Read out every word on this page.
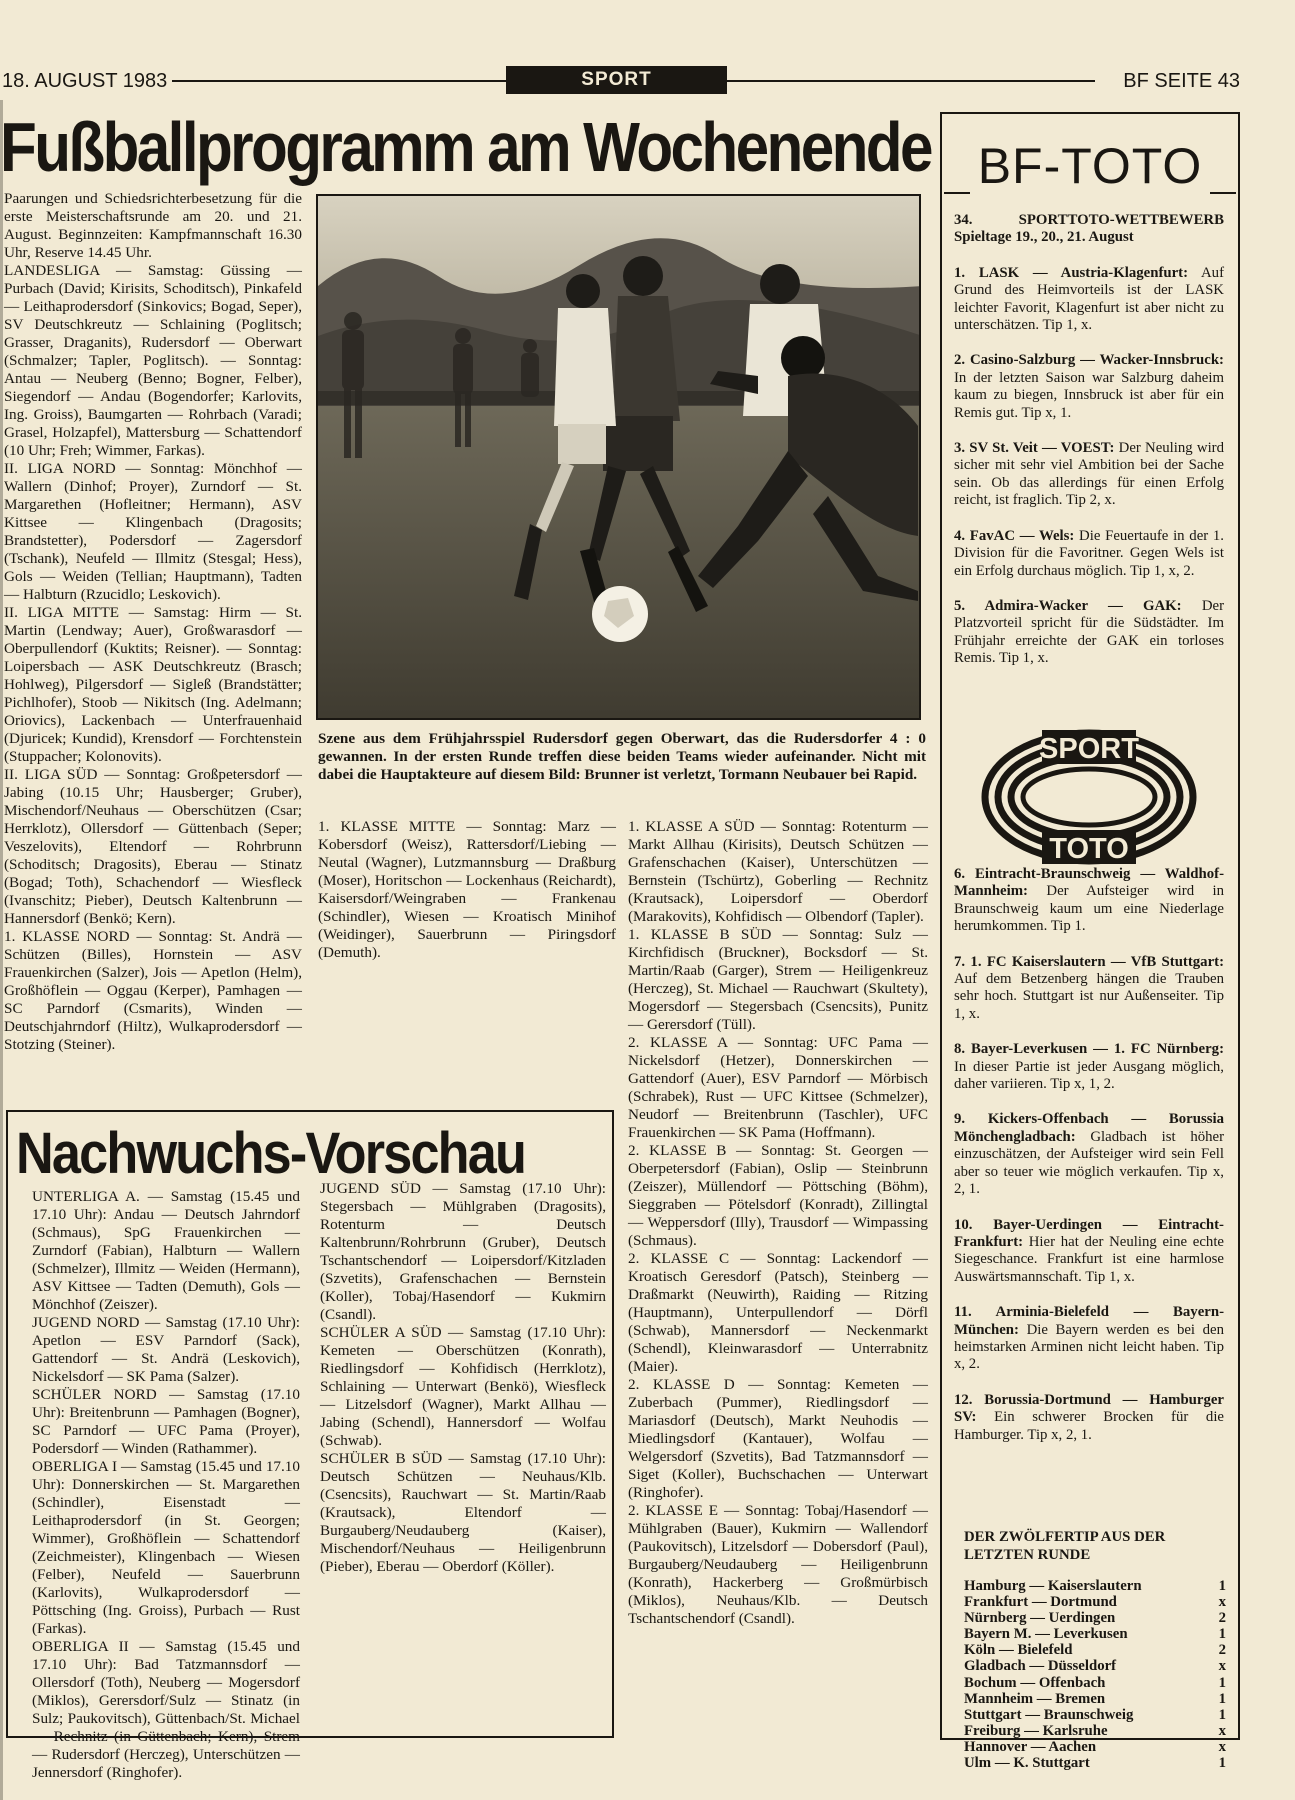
18. AUGUST 1983	SPORT	BF SEITE 43
Fußballprogramm am Wochenende

Paarungen und Schiedsrichterbesetzung für die erste Meisterschaftsrunde am 20. und 21. August. Beginnzeiten: Kampfmannschaft 16.30 Uhr, Reserve 14.45 Uhr.

LANDESLIGA — Samstag: Güssing — Purbach (David; Kirisits, Schoditsch), Pinkafeld — Leithaprodersdorf (Sinkovics; Bogad, Seper), SV Deutschkreutz — Schlaining (Poglitsch; Grasser, Draganits), Rudersdorf — Oberwart (Schmalzer; Tapler, Poglitsch). — Sonntag: Antau — Neuberg (Benno; Bogner, Felber), Siegendorf — Andau (Bogendorfer; Karlovits, Ing. Groiss), Baumgarten — Rohrbach (Varadi; Grasel, Holzapfel), Mattersburg — Schattendorf (10 Uhr; Freh; Wimmer, Farkas).

II. LIGA NORD — Sonntag: Mönchhof — Wallern (Dinhof; Proyer), Zurndorf — St. Margarethen (Hofleitner; Hermann), ASV Kittsee — Klingenbach (Dragosits; Brandstetter), Podersdorf — Zagersdorf (Tschank), Neufeld — Illmitz (Stesgal; Hess), Gols — Weiden (Tellian; Hauptmann), Tadten — Halbturn (Rzucidlo; Leskovich).

II. LIGA MITTE — Samstag: Hirm — St. Martin (Lendway; Auer), Großwarasdorf — Oberpullendorf (Kuktits; Reisner). — Sonntag: Loipersbach — ASK Deutschkreutz (Brasch; Hohlweg), Pilgersdorf — Sigleß (Brandstätter; Pichlhofer), Stoob — Nikitsch (Ing. Adelmann; Oriovics), Lackenbach — Unterfrauenhaid (Djuricek; Kundid), Krensdorf — Forchtenstein (Stuppacher; Kolonovits).

II. LIGA SÜD — Sonntag: Großpetersdorf — Jabing (10.15 Uhr; Hausberger; Gruber), Mischendorf/Neuhaus — Oberschützen (Csar; Herrklotz), Ollersdorf — Güttenbach (Seper; Veszelovits), Eltendorf — Rohrbrunn (Schoditsch; Dragosits), Eberau — Stinatz (Bogad; Toth), Schachendorf — Wiesfleck (Ivanschitz; Pieber), Deutsch Kaltenbrunn — Hannersdorf (Benkö; Kern).

1. KLASSE NORD — Sonntag: St. Andrä — Schützen (Billes), Hornstein — ASV Frauenkirchen (Salzer), Jois — Apetlon (Helm), Großhöflein — Oggau (Kerper), Pamhagen — SC Parndorf (Csmarits), Winden — Deutschjahrndorf (Hiltz), Wulkaprodersdorf — Stotzing (Steiner).

Szene aus dem Frühjahrsspiel Rudersdorf gegen Oberwart, das die Rudersdorfer 4 : 0 gewannen. In der ersten Runde treffen diese beiden Teams wieder aufeinander. Nicht mit dabei die Hauptakteure auf diesem Bild: Brunner ist verletzt, Tormann Neubauer bei Rapid.

1. KLASSE MITTE — Sonntag: Marz — Kobersdorf (Weisz), Rattersdorf/Liebing — Neutal (Wagner), Lutzmannsburg — Draßburg (Moser), Horitschon — Lockenhaus (Reichardt), Kaisersdorf/Weingraben — Frankenau (Schindler), Wiesen — Kroatisch Minihof (Weidinger), Sauerbrunn — Piringsdorf (Demuth).

1. KLASSE A SÜD — Sonntag: Rotenturm — Markt Allhau (Kirisits), Deutsch Schützen — Grafenschachen (Kaiser), Unterschützen — Bernstein (Tschürtz), Goberling — Rechnitz (Krautsack), Loipersdorf — Oberdorf (Marakovits), Kohfidisch — Olbendorf (Tapler).

1. KLASSE B SÜD — Sonntag: Sulz — Kirchfidisch (Bruckner), Bocksdorf — St. Martin/Raab (Garger), Strem — Heiligenkreuz (Herczeg), St. Michael — Rauchwart (Skultety), Mogersdorf — Stegersbach (Csencsits), Punitz — Gerersdorf (Tüll).

2. KLASSE A — Sonntag: UFC Pama — Nickelsdorf (Hetzer), Donnerskirchen — Gattendorf (Auer), ESV Parndorf — Mörbisch (Schrabek), Rust — UFC Kittsee (Schmelzer), Neudorf — Breitenbrunn (Taschler), UFC Frauenkirchen — SK Pama (Hoffmann).

2. KLASSE B — Sonntag: St. Georgen — Oberpetersdorf (Fabian), Oslip — Steinbrunn (Zeiszer), Müllendorf — Pöttsching (Böhm), Sieggraben — Pötelsdorf (Konradt), Zillingtal — Weppersdorf (Illy), Trausdorf — Wimpassing (Schmaus).

2. KLASSE C — Sonntag: Lackendorf — Kroatisch Geresdorf (Patsch), Steinberg — Draßmarkt (Neuwirth), Raiding — Ritzing (Hauptmann), Unterpullendorf — Dörfl (Schwab), Mannersdorf — Neckenmarkt (Schendl), Kleinwarasdorf — Unterrabnitz (Maier).

2. KLASSE D — Sonntag: Kemeten — Zuberbach (Pummer), Riedlingsdorf — Mariasdorf (Deutsch), Markt Neuhodis — Miedlingsdorf (Kantauer), Wolfau — Welgersdorf (Szvetits), Bad Tatzmannsdorf — Siget (Koller), Buchschachen — Unterwart (Ringhofer).

2. KLASSE E — Sonntag: Tobaj/Hasendorf — Mühlgraben (Bauer), Kukmirn — Wallendorf (Paukovitsch), Litzelsdorf — Dobersdorf (Paul), Burgauberg/Neudauberg — Heiligenbrunn (Konrath), Hackerberg — Großmürbisch (Miklos), Neuhaus/Klb. — Deutsch Tschantschendorf (Csandl).

Nachwuchs-Vorschau

UNTERLIGA A. — Samstag (15.45 und 17.10 Uhr): Andau — Deutsch Jahrndorf (Schmaus), SpG Frauenkirchen — Zurndorf (Fabian), Halbturn — Wallern (Schmelzer), Illmitz — Weiden (Hermann), ASV Kittsee — Tadten (Demuth), Gols — Mönchhof (Zeiszer).

JUGEND NORD — Samstag (17.10 Uhr): Apetlon — ESV Parndorf (Sack), Gattendorf — St. Andrä (Leskovich), Nickelsdorf — SK Pama (Salzer).

SCHÜLER NORD — Samstag (17.10 Uhr): Breitenbrunn — Pamhagen (Bogner), SC Parndorf — UFC Pama (Proyer), Podersdorf — Winden (Rathammer).

OBERLIGA I — Samstag (15.45 und 17.10 Uhr): Donnerskirchen — St. Margarethen (Schindler), Eisenstadt — Leithaprodersdorf (in St. Georgen; Wimmer), Großhöflein — Schattendorf (Zeichmeister), Klingenbach — Wiesen (Felber), Neufeld — Sauerbrunn (Karlovits), Wulkaprodersdorf — Pöttsching (Ing. Groiss), Purbach — Rust (Farkas).

OBERLIGA II — Samstag (15.45 und 17.10 Uhr): Bad Tatzmannsdorf — Ollersdorf (Toth), Neuberg — Mogersdorf (Miklos), Gerersdorf/Sulz — Stinatz (in Sulz; Paukovitsch), Güttenbach/St. Michael — Rechnitz (in Güttenbach; Kern), Strem — Rudersdorf (Herczeg), Unterschützen — Jennersdorf (Ringhofer).

JUGEND SÜD — Samstag (17.10 Uhr): Stegersbach — Mühlgraben (Dragosits), Rotenturm — Deutsch Kaltenbrunn/Rohrbrunn (Gruber), Deutsch Tschantschendorf — Loipersdorf/Kitzladen (Szvetits), Grafenschachen — Bernstein (Koller), Tobaj/Hasendorf — Kukmirn (Csandl).

SCHÜLER A SÜD — Samstag (17.10 Uhr): Kemeten — Oberschützen (Konrath), Riedlingsdorf — Kohfidisch (Herrklotz), Schlaining — Unterwart (Benkö), Wiesfleck — Litzelsdorf (Wagner), Markt Allhau — Jabing (Schendl), Hannersdorf — Wolfau (Schwab).

SCHÜLER B SÜD — Samstag (17.10 Uhr): Deutsch Schützen — Neuhaus/Klb. (Csencsits), Rauchwart — St. Martin/Raab (Krautsack), Eltendorf — Burgauberg/Neudauberg (Kaiser), Mischendorf/Neuhaus — Heiligenbrunn (Pieber), Eberau — Oberdorf (Köller).

BF-TOTO

34. SPORTTOTO-WETTBEWERB Spieltage 19., 20., 21. August

1. LASK — Austria-Klagenfurt: Auf Grund des Heimvorteils ist der LASK leichter Favorit, Klagenfurt ist aber nicht zu unterschätzen. Tip 1, x.

2. Casino-Salzburg — Wacker-Innsbruck: In der letzten Saison war Salzburg daheim kaum zu biegen, Innsbruck ist aber für ein Remis gut. Tip x, 1.

3. SV St. Veit — VOEST: Der Neuling wird sicher mit sehr viel Ambition bei der Sache sein. Ob das allerdings für einen Erfolg reicht, ist fraglich. Tip 2, x.

4. FavAC — Wels: Die Feuertaufe in der 1. Division für die Favoritner. Gegen Wels ist ein Erfolg durchaus möglich. Tip 1, x, 2.

5. Admira-Wacker — GAK: Der Platzvorteil spricht für die Südstädter. Im Frühjahr erreichte der GAK ein torloses Remis. Tip 1, x.

SPORT
TOTO

6. Eintracht-Braunschweig — Waldhof-Mannheim: Der Aufsteiger wird in Braunschweig kaum um eine Niederlage herumkommen. Tip 1.

7. 1. FC Kaiserslautern — VfB Stuttgart: Auf dem Betzenberg hängen die Trauben sehr hoch. Stuttgart ist nur Außenseiter. Tip 1, x.

8. Bayer-Leverkusen — 1. FC Nürnberg: In dieser Partie ist jeder Ausgang möglich, daher variieren. Tip x, 1, 2.

9. Kickers-Offenbach — Borussia Mönchengladbach: Gladbach ist höher einzuschätzen, der Aufsteiger wird sein Fell aber so teuer wie möglich verkaufen. Tip x, 2, 1.

10. Bayer-Uerdingen — Eintracht-Frankfurt: Hier hat der Neuling eine echte Siegeschance. Frankfurt ist eine harmlose Auswärtsmannschaft. Tip 1, x.

11. Arminia-Bielefeld — Bayern-München: Die Bayern werden es bei den heimstarken Arminen nicht leicht haben. Tip x, 2.

12. Borussia-Dortmund — Hamburger SV: Ein schwerer Brocken für die Hamburger. Tip x, 2, 1.

DER ZWÖLFERTIP AUS DER LETZTEN RUNDE
Hamburg — Kaiserslautern	1
Frankfurt — Dortmund	x
Nürnberg — Uerdingen	2
Bayern M. — Leverkusen	1
Köln — Bielefeld	2
Gladbach — Düsseldorf	x
Bochum — Offenbach	1
Mannheim — Bremen	1
Stuttgart — Braunschweig	1
Freiburg — Karlsruhe	x
Hannover — Aachen	x
Ulm — K. Stuttgart	1
